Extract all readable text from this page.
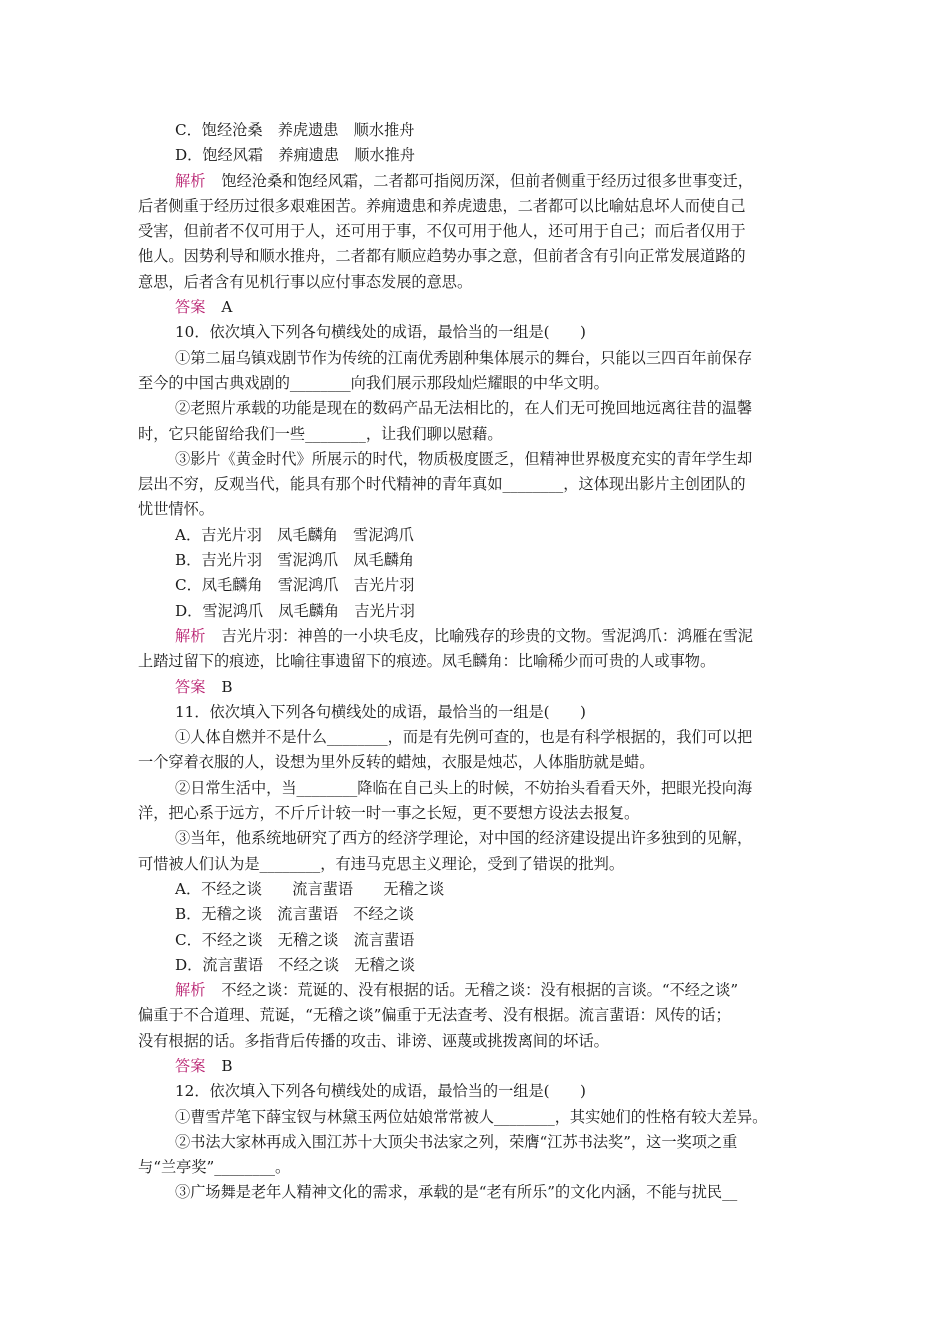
C．饱经沧桑　养虎遗患　顺水推舟
D．饱经风霜　养痈遗患　顺水推舟
解析 饱经沧桑和饱经风霜，二者都可指阅历深，但前者侧重于经历过很多世事变迁，
后者侧重于经历过很多艰难困苦。养痈遗患和养虎遗患，二者都可以比喻姑息坏人而使自己
受害，但前者不仅可用于人，还可用于事，不仅可用于他人，还可用于自己；而后者仅用于
他人。因势利导和顺水推舟，二者都有顺应趋势办事之意，但前者含有引向正常发展道路的
意思，后者含有见机行事以应付事态发展的意思。
答案 A
10．依次填入下列各句横线处的成语，最恰当的一组是(　　)
①第二届乌镇戏剧节作为传统的江南优秀剧种集体展示的舞台，只能以三四百年前保存
至今的中国古典戏剧的________向我们展示那段灿烂耀眼的中华文明。
②老照片承载的功能是现在的数码产品无法相比的，在人们无可挽回地远离往昔的温馨
时，它只能留给我们一些________，让我们聊以慰藉。
③影片《黄金时代》所展示的时代，物质极度匮乏，但精神世界极度充实的青年学生却
层出不穷，反观当代，能具有那个时代精神的青年真如________，这体现出影片主创团队的
忧世情怀。
A．吉光片羽　凤毛麟角　雪泥鸿爪
B．吉光片羽　雪泥鸿爪　凤毛麟角
C．凤毛麟角　雪泥鸿爪　吉光片羽
D．雪泥鸿爪　凤毛麟角　吉光片羽
解析 吉光片羽：神兽的一小块毛皮，比喻残存的珍贵的文物。雪泥鸿爪：鸿雁在雪泥
上踏过留下的痕迹，比喻往事遗留下的痕迹。凤毛麟角：比喻稀少而可贵的人或事物。
答案 B
11．依次填入下列各句横线处的成语，最恰当的一组是(　　)
①人体自燃并不是什么________，而是有先例可查的，也是有科学根据的，我们可以把
一个穿着衣服的人，设想为里外反转的蜡烛，衣服是烛芯，人体脂肪就是蜡。
②日常生活中，当________降临在自己头上的时候，不妨抬头看看天外，把眼光投向海
洋，把心系于远方，不斤斤计较一时一事之长短，更不要想方设法去报复。
③当年，他系统地研究了西方的经济学理论，对中国的经济建设提出许多独到的见解，
可惜被人们认为是________，有违马克思主义理论，受到了错误的批判。
A．不经之谈　　流言蜚语　　无稽之谈
B．无稽之谈　流言蜚语　不经之谈
C．不经之谈　无稽之谈　流言蜚语
D．流言蜚语　不经之谈　无稽之谈
解析 不经之谈：荒诞的、没有根据的话。无稽之谈：没有根据的言谈。“不经之谈”
偏重于不合道理、荒诞，“无稽之谈”偏重于无法查考、没有根据。流言蜚语：风传的话；
没有根据的话。多指背后传播的攻击、诽谤、诬蔑或挑拨离间的坏话。
答案 B
12．依次填入下列各句横线处的成语，最恰当的一组是(　　)
①曹雪芹笔下薛宝钗与林黛玉两位姑娘常常被人________，其实她们的性格有较大差异。
②书法大家林再成入围江苏十大顶尖书法家之列，荣膺“江苏书法奖”，这一奖项之重
与“兰亭奖”________。
③广场舞是老年人精神文化的需求，承载的是“老有所乐”的文化内涵，不能与扰民__
